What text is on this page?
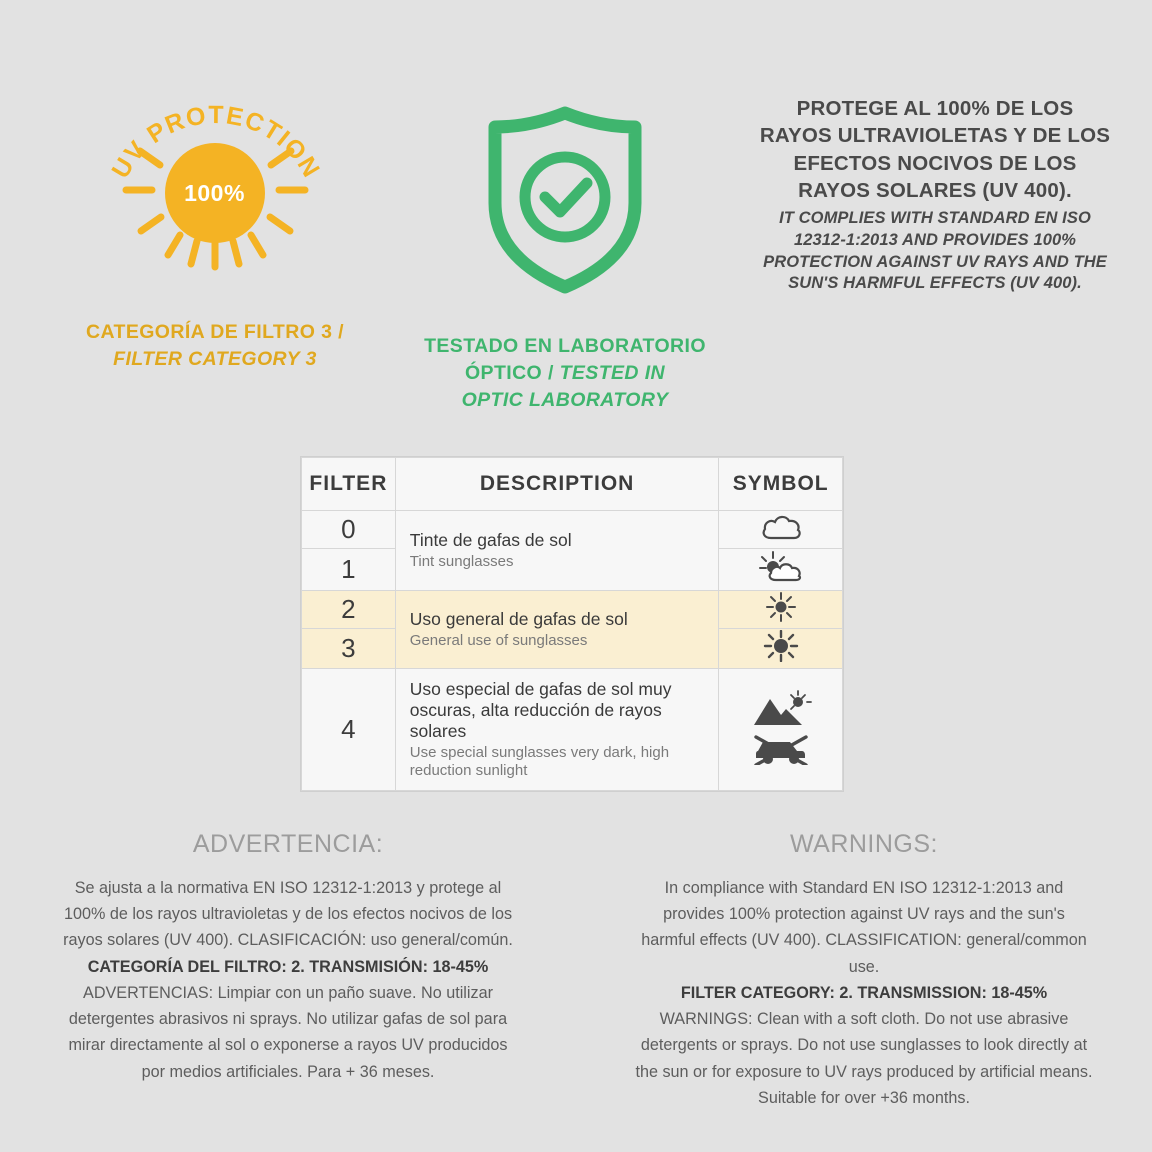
UV PROTECTION
100%
CATEGORÍA DE FILTRO 3 /
FILTER CATEGORY 3
TESTADO EN LABORATORIO
ÓPTICO / TESTED IN
OPTIC LABORATORY
PROTEGE AL 100% DE LOS RAYOS ULTRAVIOLETAS Y DE LOS EFECTOS NOCIVOS DE LOS RAYOS SOLARES (UV 400).
IT COMPLIES WITH STANDARD EN ISO 12312-1:2013 AND PROVIDES 100% PROTECTION AGAINST UV RAYS AND THE SUN'S HARMFUL EFFECTS (UV 400).
FILTER	DESCRIPTION	SYMBOL
0	Tinte de gafas de sol
Tint sunglasses

1	
2	Uso general de gafas de sol
General use of sunglasses

3	
4	Uso especial de gafas de sol muy oscuras, alta reducción de rayos solares
Use special sunglasses very dark, high reduction sunlight

ADVERTENCIA:

Se ajusta a la normativa EN ISO 12312-1:2013 y protege al 100% de los rayos ultravioletas y de los efectos nocivos de los rayos solares (UV 400). CLASIFICACIÓN: uso general/común.

CATEGORÍA DEL FILTRO: 2. TRANSMISIÓN: 18-45%

ADVERTENCIAS: Limpiar con un paño suave. No utilizar detergentes abrasivos ni sprays. No utilizar gafas de sol para mirar directamente al sol o exponerse a rayos UV producidos por medios artificiales. Para + 36 meses.

WARNINGS:

In compliance with Standard EN ISO 12312-1:2013 and provides 100% protection against UV rays and the sun's harmful effects (UV 400). CLASSIFICATION: general/common use.

FILTER CATEGORY: 2. TRANSMISSION: 18-45%

WARNINGS: Clean with a soft cloth. Do not use abrasive detergents or sprays. Do not use sunglasses to look directly at the sun or for exposure to UV rays produced by artificial means.

Suitable for over +36 months.
